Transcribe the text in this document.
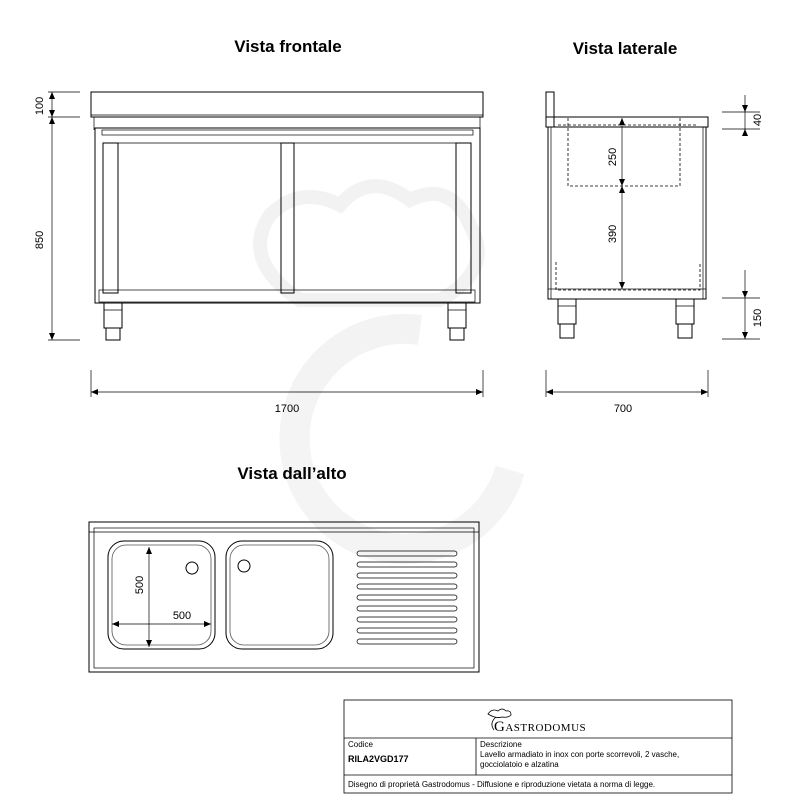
Vista frontale
100
850
1700
Vista laterale
250
390
40
150
700
Vista dall’alto
500
500
Gastrodomus
Codice
RILA2VGD177
Descrizione
Lavello armadiato in inox con porte scorrevoli, 2 vasche,
gocciolatoio e alzatina
Disegno di proprietà Gastrodomus - Diffusione e riproduzione vietata a norma di legge.
